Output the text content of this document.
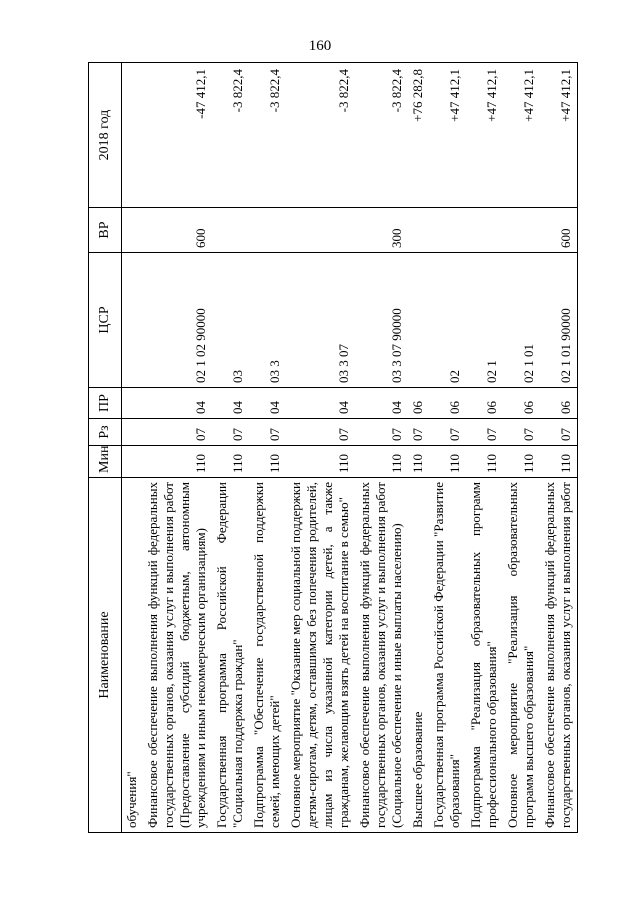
160
Наименование	Мин	Рз	ПР	ЦСР	ВР	2018 год
обучения"						
Финансовое обеспечение выполнения функций федеральных государственных органов, оказания услуг и выполнения работ (Предоставление субсидий бюджетным, автономным учреждениям и иным некоммерческим организациям)	110	07	04	02 1 02 90000	600	-47 412,1
Государственная программа Российской Федерации "Социальная поддержка граждан"	110	07	04	03		-3 822,4
Подпрограмма "Обеспечение государственной поддержки семей, имеющих детей"	110	07	04	03 3		-3 822,4
Основное мероприятие "Оказание мер социальной поддержки детям-сиротам, детям, оставшимся без попечения родителей, лицам из числа указанной категории детей, а также гражданам, желающим взять детей на воспитание в семью"	110	07	04	03 3 07		-3 822,4
Финансовое обеспечение выполнения функций федеральных государственных органов, оказания услуг и выполнения работ (Социальное обеспечение и иные выплаты населению)	110	07	04	03 3 07 90000	300	-3 822,4
Высшее образование	110	07	06			+76 282,8
Государственная программа Российской Федерации "Развитие образования"	110	07	06	02		+47 412,1
Подпрограмма "Реализация образовательных программ профессионального образования"	110	07	06	02 1		+47 412,1
Основное мероприятие "Реализация образовательных программ высшего образования"	110	07	06	02 1 01		+47 412,1
Финансовое обеспечение выполнения функций федеральных государственных органов, оказания услуг и выполнения работ	110	07	06	02 1 01 90000	600	+47 412,1
